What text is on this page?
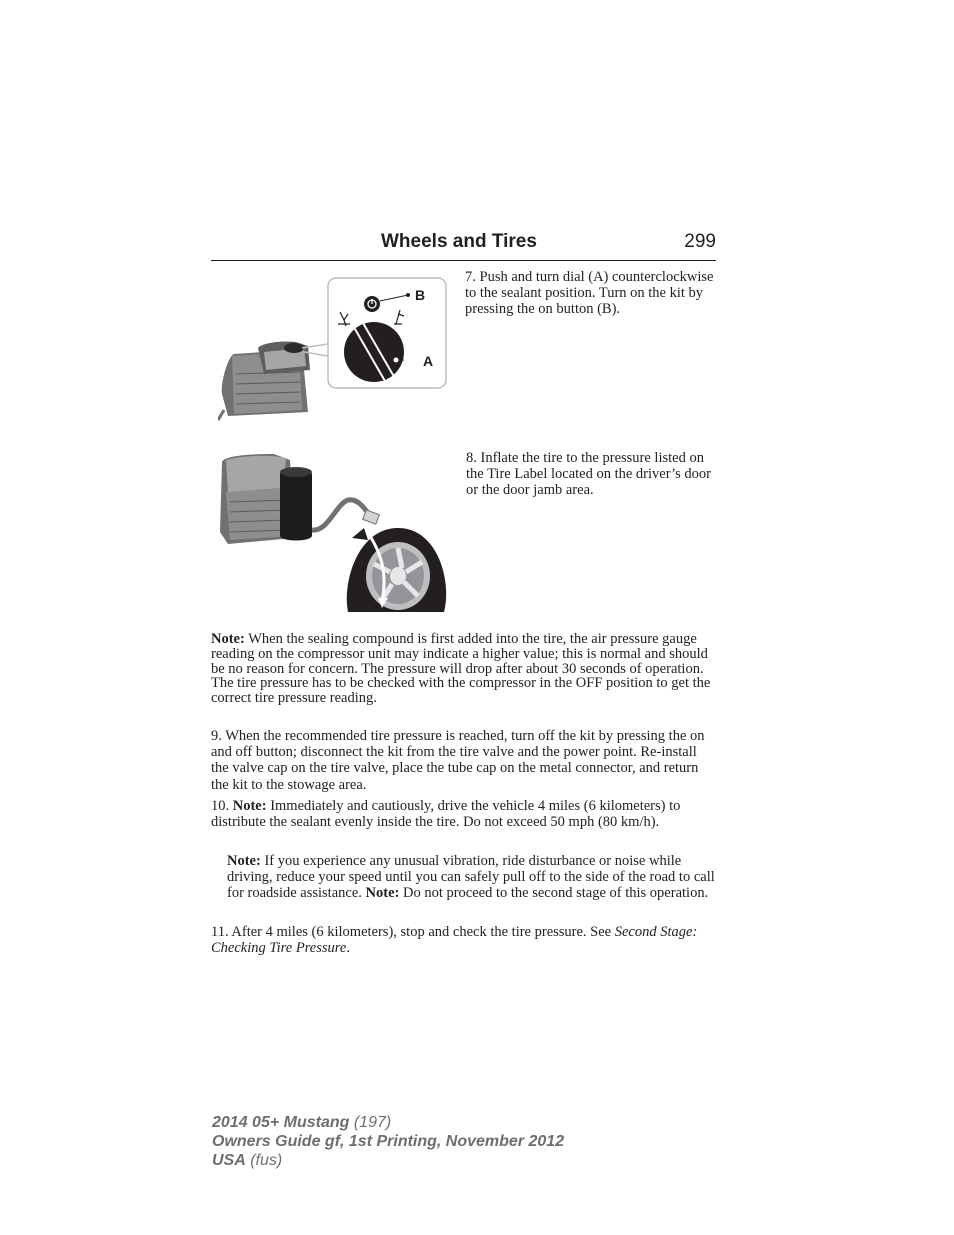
Wheels and Tires	299
B
A
7. Push and turn dial (A) counterclockwise to the sealant position. Turn on the kit by pressing the on button (B).
8. Inflate the tire to the pressure listed on the Tire Label located on the driver’s door or the door jamb area.
Note: When the sealing compound is first added into the tire, the air pressure gauge reading on the compressor unit may indicate a higher value; this is normal and should be no reason for concern. The pressure will drop after about 30 seconds of operation. The tire pressure has to be checked with the compressor in the OFF position to get the correct tire pressure reading.
9. When the recommended tire pressure is reached, turn off the kit by pressing the on and off button; disconnect the kit from the tire valve and the power point. Re-install the valve cap on the tire valve, place the tube cap on the metal connector, and return the kit to the stowage area.
10. Note: Immediately and cautiously, drive the vehicle 4 miles (6 kilometers) to distribute the sealant evenly inside the tire. Do not exceed 50 mph (80 km/h).
Note: If you experience any unusual vibration, ride disturbance or noise while driving, reduce your speed until you can safely pull off to the side of the road to call for roadside assistance. Note: Do not proceed to the second stage of this operation.
11. After 4 miles (6 kilometers), stop and check the tire pressure. See Second Stage: Checking Tire Pressure.
2014 05+ Mustang (197)
Owners Guide gf, 1st Printing, November 2012
USA (fus)
